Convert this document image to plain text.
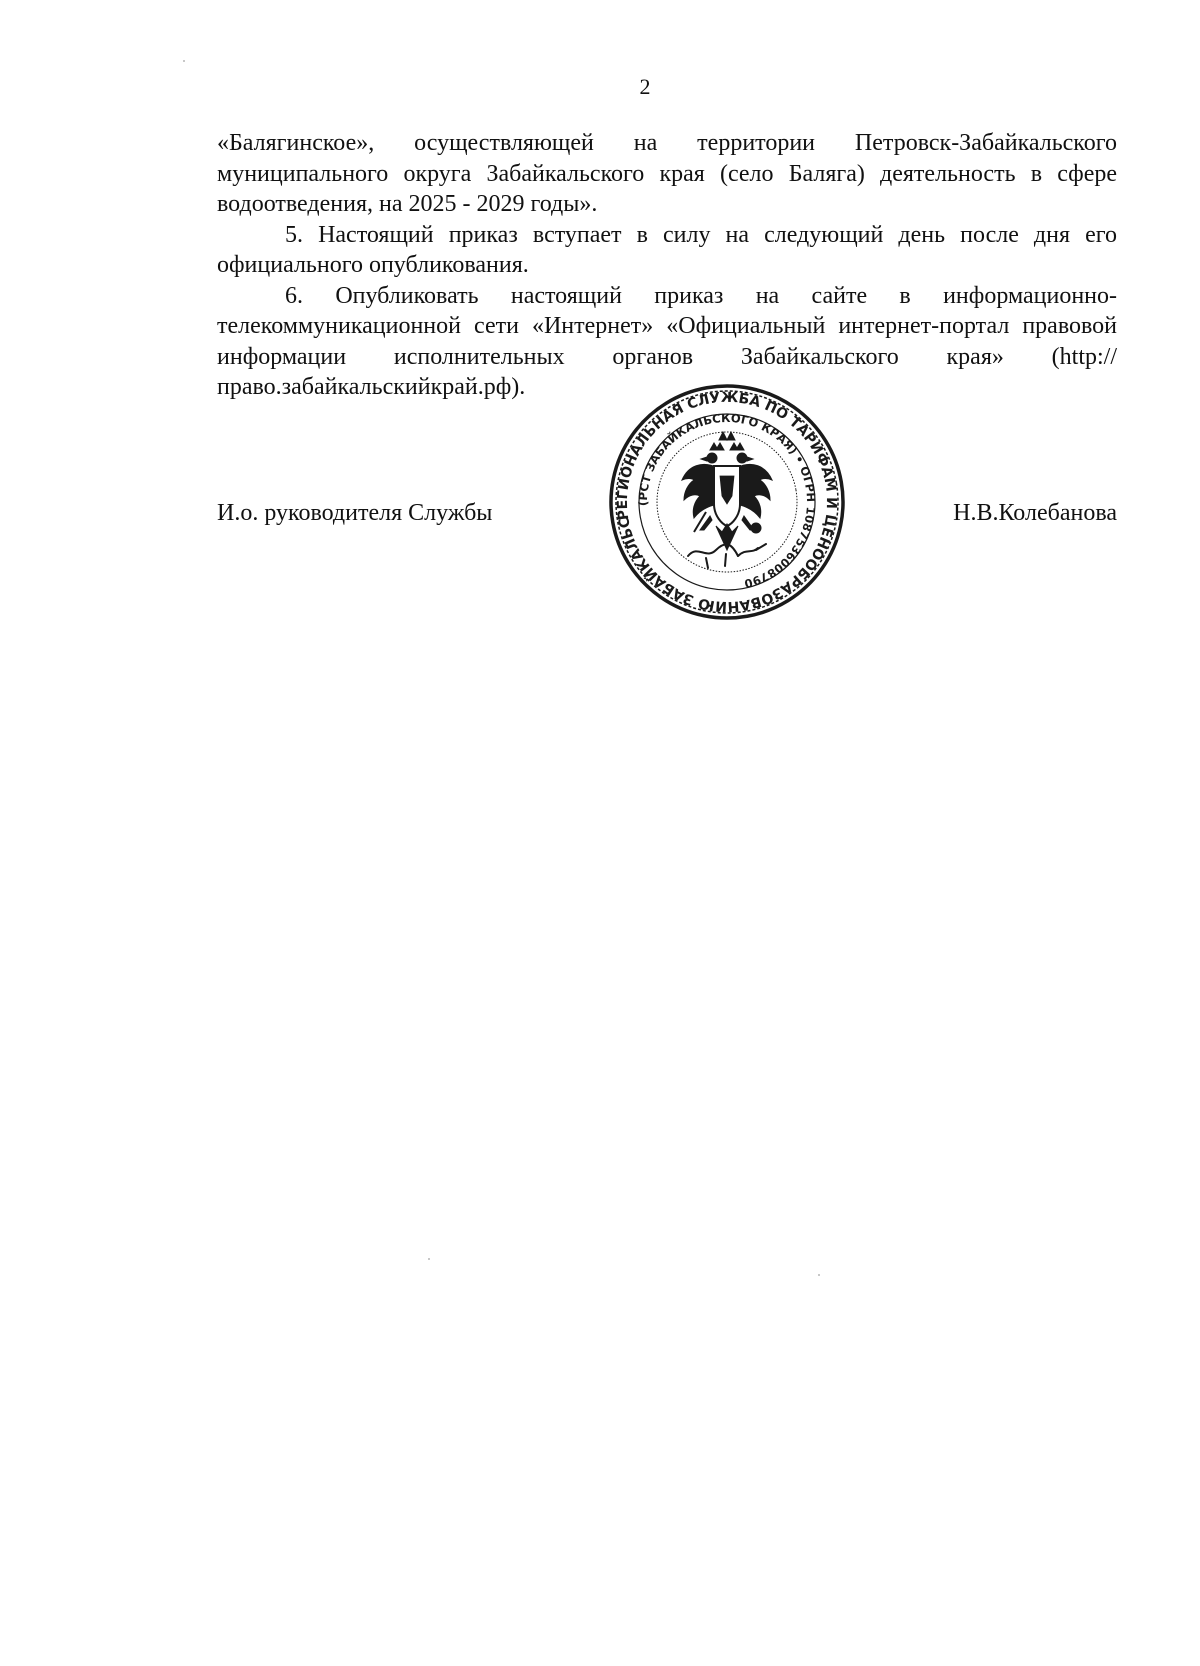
2

«Балягинское», осуществляющей на территории Петровск-Забайкальского муниципального округа Забайкальского края (село Баляга) деятельность в сфере водоотведения, на 2025 - 2029 годы».

5. Настоящий приказ вступает в силу на следующий день после дня его официального опубликования.

6. Опубликовать настоящий приказ на сайте в информационно-телекоммуникационной сети «Интернет» «Официальный интернет-портал правовой информации исполнительных органов Забайкальского края» (http://право.забайкальскийкрай.рф).

И.о. руководителя Службы	Н.В.Колебанова
РЕГИОНАЛЬНАЯ СЛУЖБА ПО ТАРИФАМ И ЦЕНООБРАЗОВАНИЮ ЗАБАЙКАЛЬСКОГО
(РСТ ЗАБАЙКАЛЬСКОГО КРАЯ) • ОГРН 1087536008790
